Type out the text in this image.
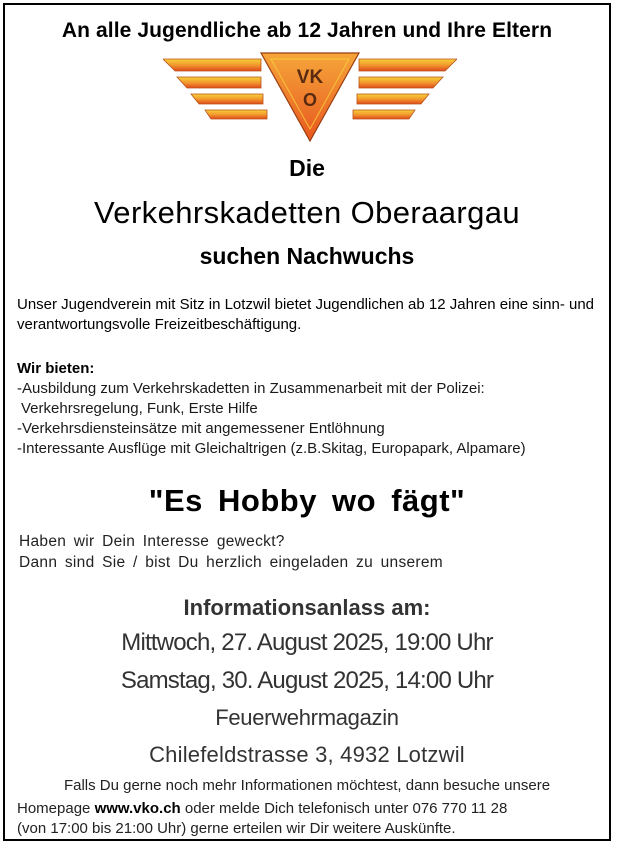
An alle Jugendliche ab 12 Jahren und Ihre Eltern
VK
O
Die
Verkehrskadetten Oberaargau
suchen Nachwuchs
Unser Jugendverein mit Sitz in Lotzwil bietet Jugendlichen ab 12 Jahren eine sinn- und verantwortungsvolle Freizeitbeschäftigung.
Wir bieten:
-Ausbildung zum Verkehrskadetten in Zusammenarbeit mit der Polizei:
Verkehrsregelung, Funk, Erste Hilfe
-Verkehrsdiensteinsätze mit angemessener Entlöhnung
-Interessante Ausflüge mit Gleichaltrigen (z.B.Skitag, Europapark, Alpamare)
"Es Hobby wo fägt"
Haben wir Dein Interesse geweckt?
Dann sind Sie / bist Du herzlich eingeladen zu unserem
Informationsanlass am:
Mittwoch, 27. August 2025, 19:00 Uhr
Samstag, 30. August 2025, 14:00 Uhr
Feuerwehrmagazin
Chilefeldstrasse 3, 4932 Lotzwil
Falls Du gerne noch mehr Informationen möchtest, dann besuche unsere
Homepage www.vko.ch oder melde Dich telefonisch unter 076 770 11 28
(von 17:00 bis 21:00 Uhr) gerne erteilen wir Dir weitere Auskünfte.
